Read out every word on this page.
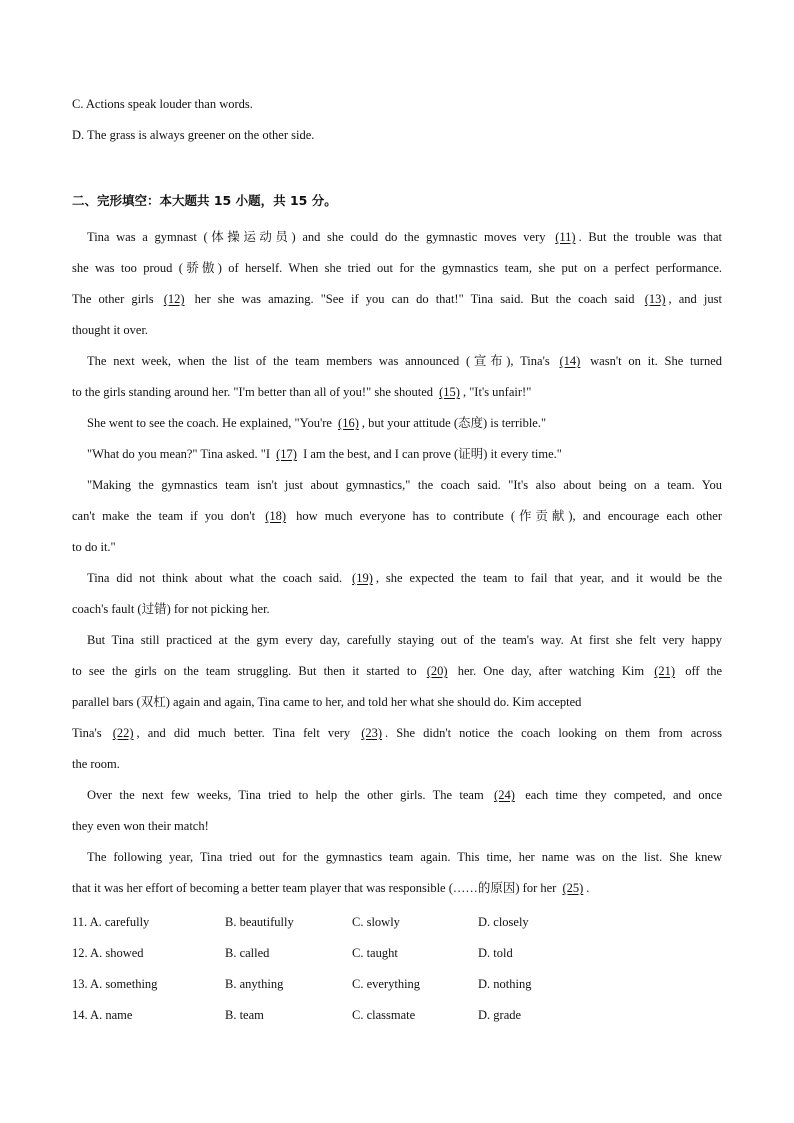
C. Actions speak louder than words.
D. The grass is always greener on the other side.
二、完形填空：本大题共 15 小题，共 15 分。
Tina was a gymnast (体操运动员) and she could do the gymnastic moves very (11) . But the trouble was that
she was too proud (骄傲) of herself. When she tried out for the gymnastics team, she put on a perfect performance.
The other girls (12) her she was amazing. "See if you can do that!" Tina said. But the coach said (13) , and just
thought it over.
The next week, when the list of the team members was announced (宣布), Tina's (14) wasn't on it. She turned
to the girls standing around her. "I'm better than all of you!" she shouted (15) , "It's unfair!"
She went to see the coach. He explained, "You're (16) , but your attitude (态度) is terrible."
"What do you mean?" Tina asked. "I (17) I am the best, and I can prove (证明) it every time."
"Making the gymnastics team isn't just about gymnastics," the coach said. "It's also about being on a team. You
can't make the team if you don't (18) how much everyone has to contribute (作贡献), and encourage each other
to do it."
Tina did not think about what the coach said. (19) , she expected the team to fail that year, and it would be the
coach's fault (过错) for not picking her.
But Tina still practiced at the gym every day, carefully staying out of the team's way. At first she felt very happy
to see the girls on the team struggling. But then it started to (20) her. One day, after watching Kim (21) off the
parallel bars (双杠) again and again, Tina came to her, and told her what she should do. Kim accepted
Tina's (22) , and did much better. Tina felt very (23) . She didn't notice the coach looking on them from across
the room.
Over the next few weeks, Tina tried to help the other girls. The team (24) each time they competed, and once
they even won their match!
The following year, Tina tried out for the gymnastics team again. This time, her name was on the list. She knew
that it was her effort of becoming a better team player that was responsible (……的原因) for her (25) .
11. A. carefully	B. beautifully	C. slowly	D. closely
12. A. showed	B. called	C. taught	D. told
13. A. something	B. anything	C. everything	D. nothing
14. A. name	B. team	C. classmate	D. grade
